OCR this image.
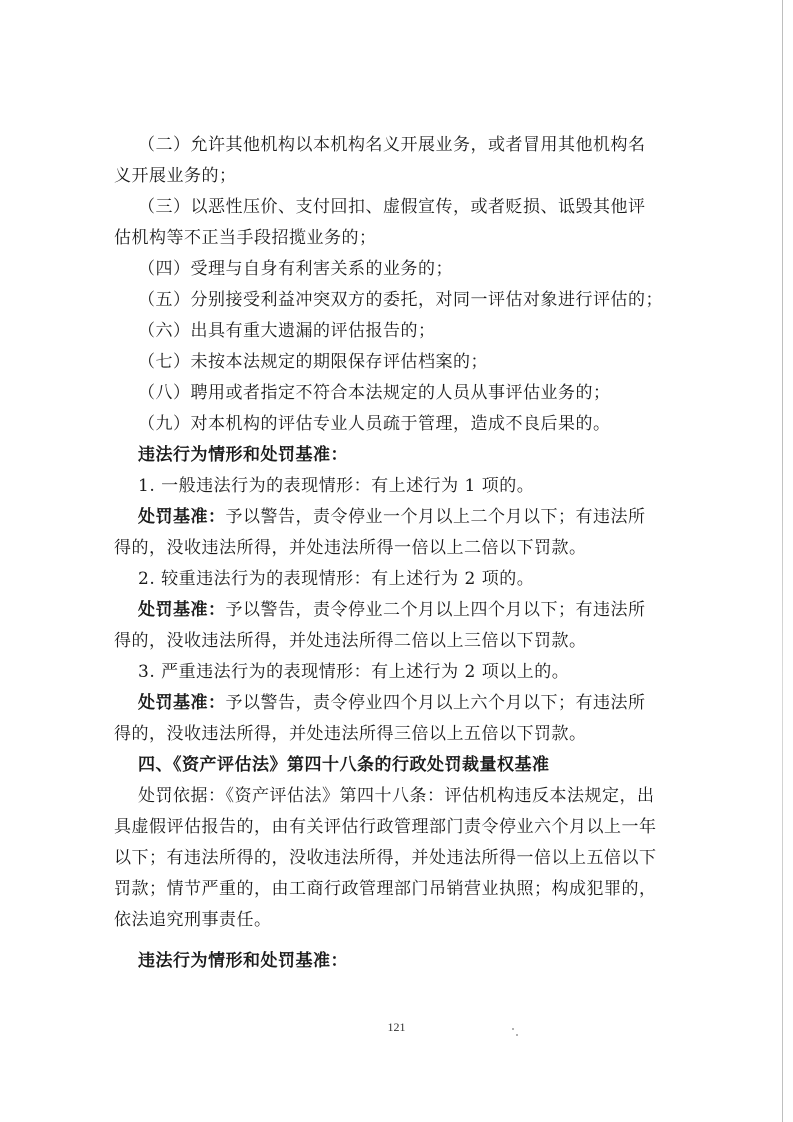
（二）允许其他机构以本机构名义开展业务，或者冒用其他机构名
义开展业务的；
（三）以恶性压价、支付回扣、虚假宣传，或者贬损、诋毁其他评
估机构等不正当手段招揽业务的；
（四）受理与自身有利害关系的业务的；
（五）分别接受利益冲突双方的委托，对同一评估对象进行评估的；
（六）出具有重大遗漏的评估报告的；
（七）未按本法规定的期限保存评估档案的；
（八）聘用或者指定不符合本法规定的人员从事评估业务的；
（九）对本机构的评估专业人员疏于管理，造成不良后果的。
违法行为情形和处罚基准：
1. 一般违法行为的表现情形：有上述行为 1 项的。
处罚基准：予以警告，责令停业一个月以上二个月以下；有违法所
得的，没收违法所得，并处违法所得一倍以上二倍以下罚款。
2. 较重违法行为的表现情形：有上述行为 2 项的。
处罚基准：予以警告，责令停业二个月以上四个月以下；有违法所
得的，没收违法所得，并处违法所得二倍以上三倍以下罚款。
3. 严重违法行为的表现情形：有上述行为 2 项以上的。
处罚基准：予以警告，责令停业四个月以上六个月以下；有违法所
得的，没收违法所得，并处违法所得三倍以上五倍以下罚款。
四、《资产评估法》第四十八条的行政处罚裁量权基准
处罚依据：《资产评估法》第四十八条：评估机构违反本法规定，出
具虚假评估报告的，由有关评估行政管理部门责令停业六个月以上一年
以下；有违法所得的，没收违法所得，并处违法所得一倍以上五倍以下
罚款；情节严重的，由工商行政管理部门吊销营业执照；构成犯罪的，
依法追究刑事责任。
违法行为情形和处罚基准：
121
